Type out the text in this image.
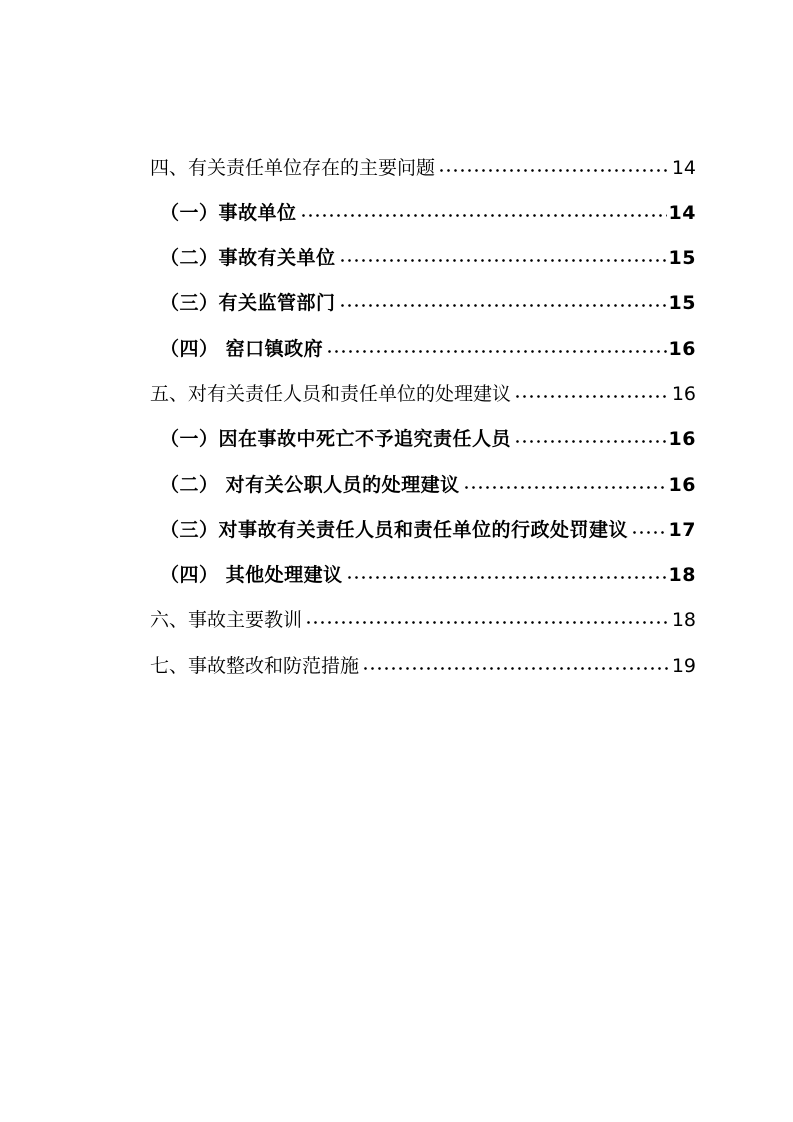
四、有关责任单位存在的主要问题	14
（一）事故单位	14
（二）事故有关单位	15
（三）有关监管部门	15
（四） 窑口镇政府	16
五、对有关责任人员和责任单位的处理建议	16
（一）因在事故中死亡不予追究责任人员	16
（二） 对有关公职人员的处理建议	16
（三）对事故有关责任人员和责任单位的行政处罚建议 17
（四） 其他处理建议	18
六、事故主要教训	18
七、事故整改和防范措施	19
